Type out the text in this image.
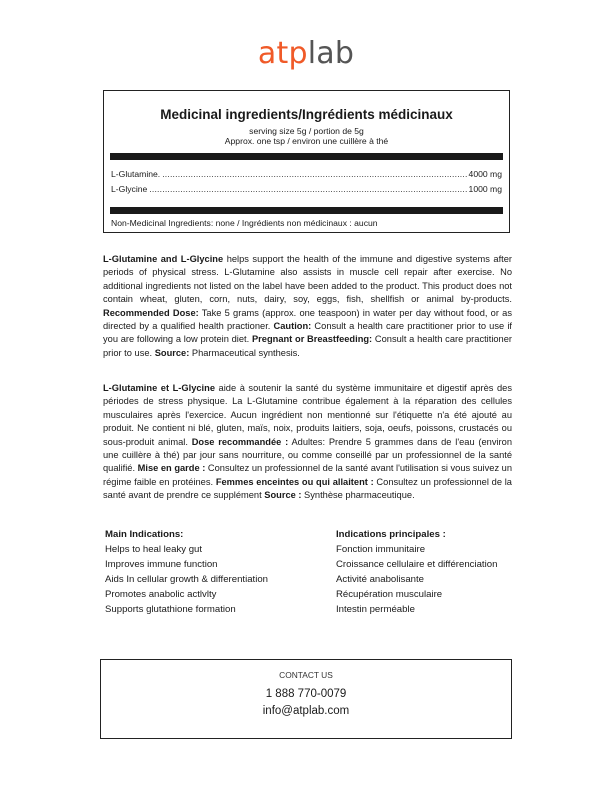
atplab
Medicinal ingredients/Ingrédients médicinaux
serving size 5g / portion de 5g
Approx. one tsp / environ une cuillère à thé
L-Glutamine. .....	4000 mg
L-Glycine .....	1000 mg
Non-Medicinal Ingredients: none / Ingrédients non médicinaux : aucun

L-Glutamine and L-Glycine helps support the health of the immune and digestive systems after periods of physical stress. L-Glutamine also assists in muscle cell repair after exercise. No additional ingredients not listed on the label have been added to the product. This product does not contain wheat, gluten, corn, nuts, dairy, soy, eggs, fish, shellfish or animal by-products. Recommended Dose: Take 5 grams (approx. one teaspoon) in water per day without food, or as directed by a qualified health practioner. Caution: Consult a health care practitioner prior to use if you are following a low protein diet. Pregnant or Breastfeeding: Consult a health care practitioner prior to use. Source: Pharmaceutical synthesis.

L-Glutamine et L-Glycine aide à soutenir la santé du système immunitaire et digestif après des périodes de stress physique. La L-Glutamine contribue également à la réparation des cellules musculaires après l'exercice. Aucun ingrédient non mentionné sur l'étiquette n'a été ajouté au produit. Ne contient ni blé, gluten, maïs, noix, produits laitiers, soja, oeufs, poissons, crustacés ou sous-produit animal. Dose recommandée : Adultes: Prendre 5 grammes dans de l'eau (environ une cuillère à thé) par jour sans nourriture, ou comme conseillé par un professionnel de la santé qualifié. Mise en garde : Consultez un professionnel de la santé avant l'utilisation si vous suivez un régime faible en protéines. Femmes enceintes ou qui allaitent : Consultez un professionnel de la santé avant de prendre ce supplément Source : Synthèse pharmaceutique.

Main Indications:
Helps to heal leaky gut
Improves immune function
Aids In cellular growth & differentiation
Promotes anabolic actlvlty
Supports glutathione formation
Indications principales :
Fonction immunitaire
Croissance cellulaire et différenciation
Activité anabolisante
Récupération musculaire
Intestin perméable
CONTACT US
1 888 770-0079
info@atplab.com
